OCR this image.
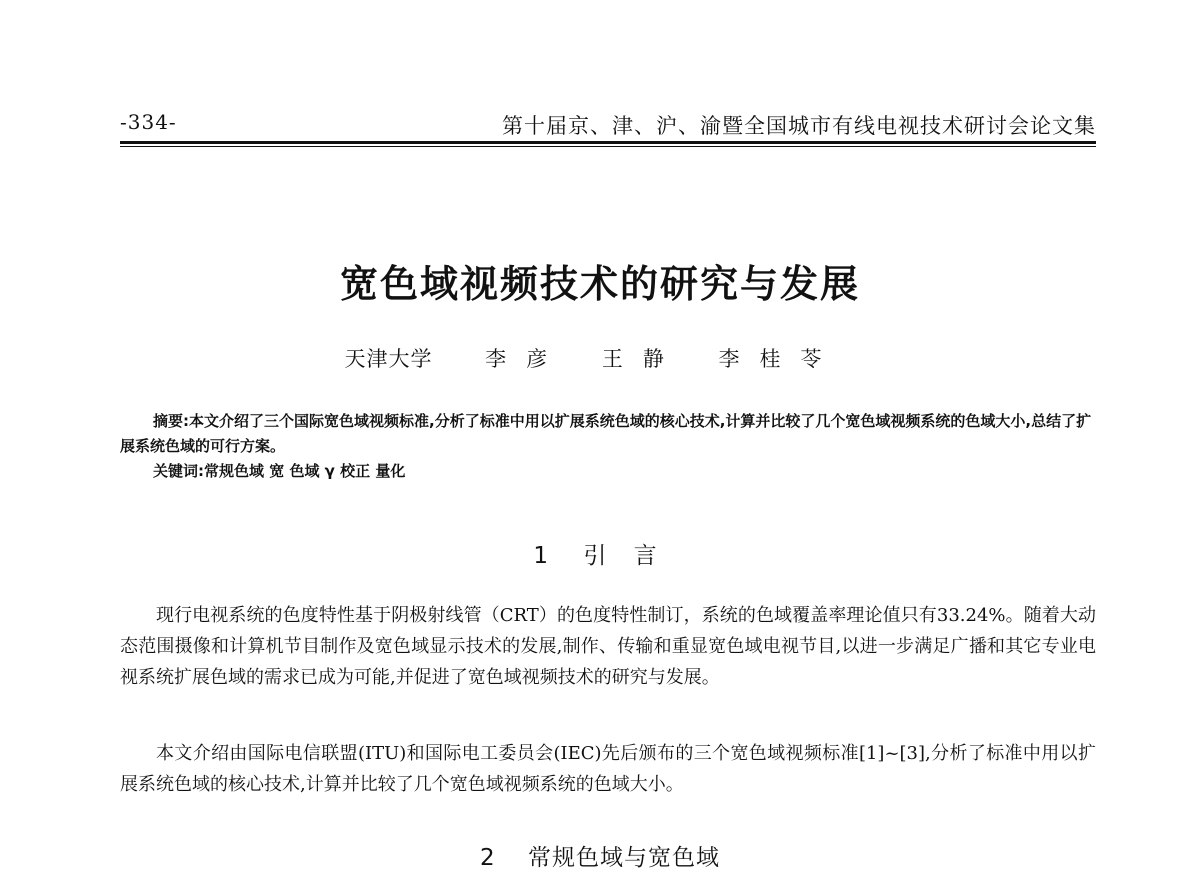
-334-	第十届京、津、沪、渝暨全国城市有线电视技术研讨会论文集
宽色域视频技术的研究与发展
天津大学	李彦 王静 李桂苓

摘要:本文介绍了三个国际宽色域视频标准,分析了标准中用以扩展系统色域的核心技术,计算并比较了几个宽色域视频系统的色域大小,总结了扩展系统色域的可行方案。

关键词:常规色域 宽 色域 γ 校正 量化

1 引 言

现行电视系统的色度特性基于阴极射线管（CRT）的色度特性制订，系统的色域覆盖率理论值只有33.24%。随着大动态范围摄像和计算机节目制作及宽色域显示技术的发展,制作、传输和重显宽色域电视节目,以进一步满足广播和其它专业电视系统扩展色域的需求已成为可能,并促进了宽色域视频技术的研究与发展。

本文介绍由国际电信联盟(ITU)和国际电工委员会(IEC)先后颁布的三个宽色域视频标准[1]~[3],分析了标准中用以扩展系统色域的核心技术,计算并比较了几个宽色域视频系统的色域大小。

2 常规色域与宽色域
